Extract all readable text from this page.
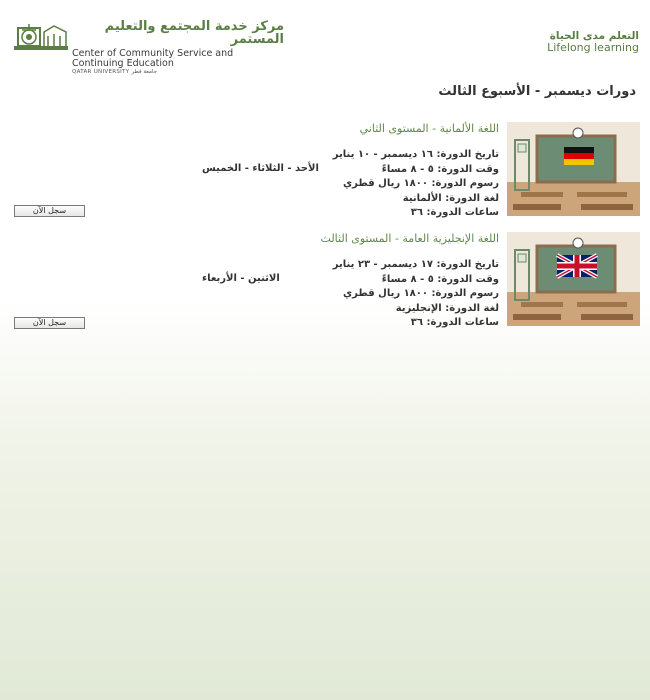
مركز خدمة المجتمع والتعليم المستمر
Center of Community Service and Continuing Education
QATAR UNIVERSITY جامعة قطر
التعلم مدى الحياة
Lifelong learning
دورات ديسمبر - الأسبوع الثالث
اللغة الألمانية - المستوى الثاني
تاريخ الدورة: ١٦ ديسمبر - ١٠ يناير
وقت الدورة: ٥ - ٨ مساءً
رسوم الدورة: ١٨٠٠ ريال قطري
لغة الدورة: الألمانية
ساعات الدورة: ٣٦
الأحد - الثلاثاء - الخميس
سجل الآن
اللغة الإنجليزية العامة - المستوى الثالث
تاريخ الدورة: ١٧ ديسمبر - ٢٣ يناير
وقت الدورة: ٥ - ٨ مساءً
رسوم الدورة: ١٨٠٠ ريال قطري
لغة الدورة: الإنجليزية
ساعات الدورة: ٣٦
الاثنين - الأربعاء
سجل الآن
